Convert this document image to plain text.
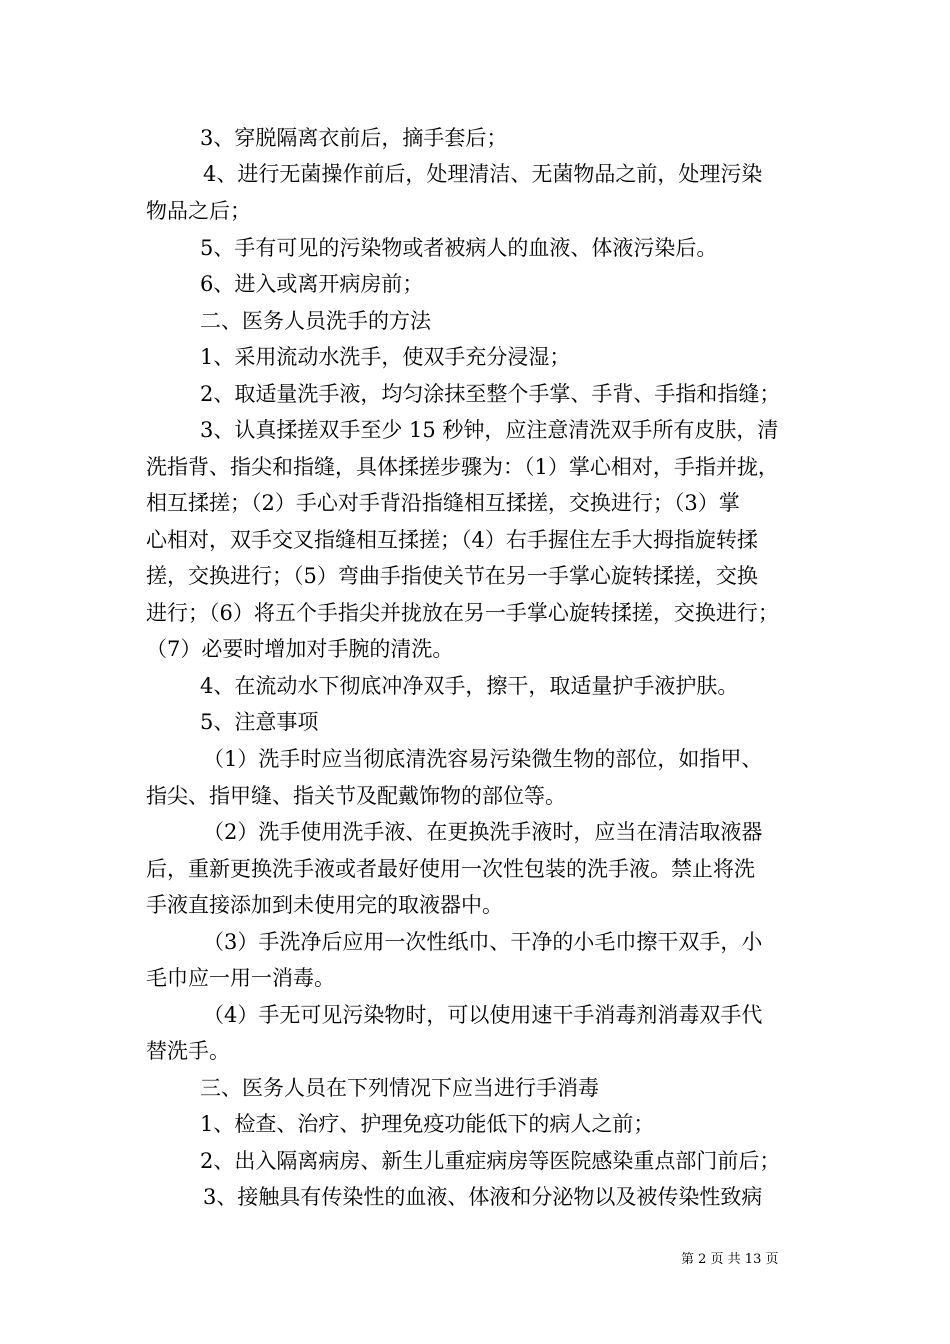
3、穿脱隔离衣前后，摘手套后；
4、进行无菌操作前后，处理清洁、无菌物品之前，处理污染
物品之后；
5、手有可见的污染物或者被病人的血液、体液污染后。
6、进入或离开病房前；
二、医务人员洗手的方法
1、采用流动水洗手，使双手充分浸湿；
2、取适量洗手液，均匀涂抹至整个手掌、手背、手指和指缝；
3、认真揉搓双手至少 15 秒钟，应注意清洗双手所有皮肤，清
洗指背、指尖和指缝，具体揉搓步骤为：（1）掌心相对，手指并拢，
相互揉搓；（2）手心对手背沿指缝相互揉搓，交换进行；（3）掌
心相对，双手交叉指缝相互揉搓；（4）右手握住左手大拇指旋转揉
搓，交换进行；（5）弯曲手指使关节在另一手掌心旋转揉搓，交换
进行；（6）将五个手指尖并拢放在另一手掌心旋转揉搓，交换进行；
（7）必要时增加对手腕的清洗。
4、在流动水下彻底冲净双手，擦干，取适量护手液护肤。
5、注意事项
（1）洗手时应当彻底清洗容易污染微生物的部位，如指甲、
指尖、指甲缝、指关节及配戴饰物的部位等。
（2）洗手使用洗手液、在更换洗手液时，应当在清洁取液器
后，重新更换洗手液或者最好使用一次性包装的洗手液。禁止将洗
手液直接添加到未使用完的取液器中。
（3）手洗净后应用一次性纸巾、干净的小毛巾擦干双手，小
毛巾应一用一消毒。
（4）手无可见污染物时，可以使用速干手消毒剂消毒双手代
替洗手。
三、医务人员在下列情况下应当进行手消毒
1、检查、治疗、护理免疫功能低下的病人之前；
2、出入隔离病房、新生儿重症病房等医院感染重点部门前后；
3、接触具有传染性的血液、体液和分泌物以及被传染性致病
第 2 页 共 13 页
